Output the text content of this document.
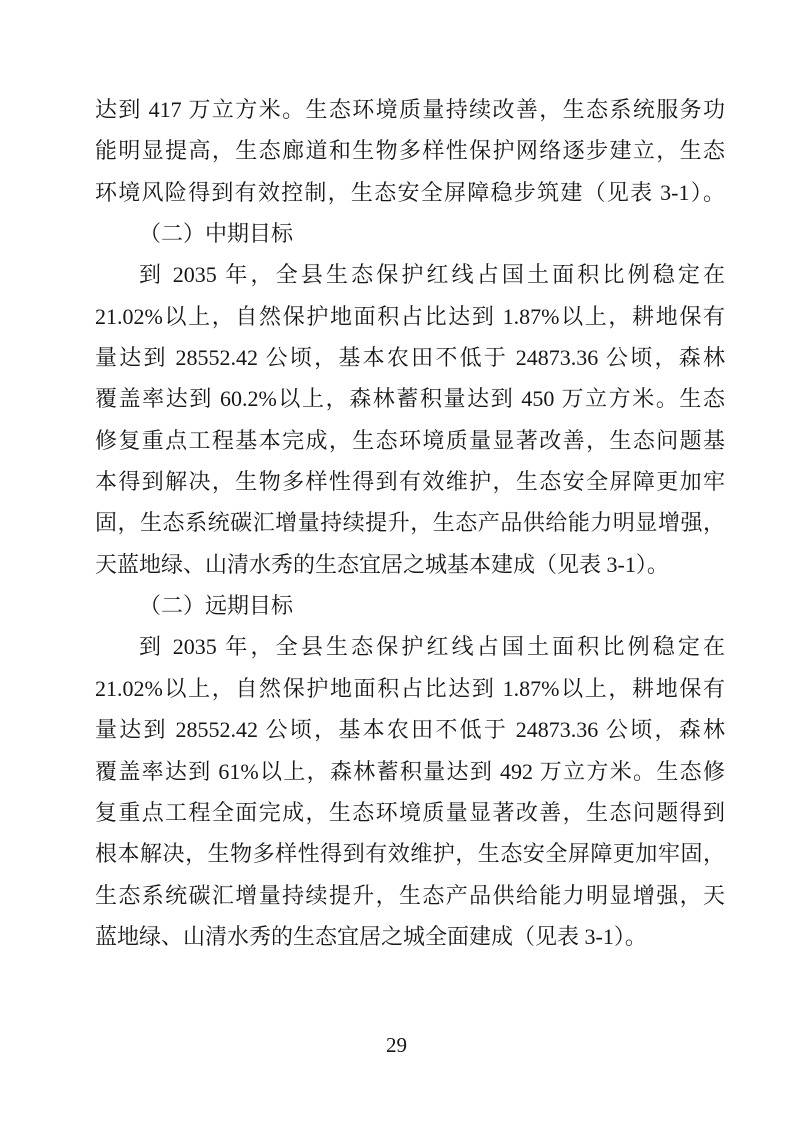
达到 417 万立方米。生态环境质量持续改善，生态系统服务功
能明显提高，生态廊道和生物多样性保护网络逐步建立，生态
环境风险得到有效控制，生态安全屏障稳步筑建（见表 3-1）。
（二）中期目标
到 2035 年，全县生态保护红线占国土面积比例稳定在
21.02%以上，自然保护地面积占比达到 1.87%以上，耕地保有
量达到 28552.42 公顷，基本农田不低于 24873.36 公顷，森林
覆盖率达到 60.2%以上，森林蓄积量达到 450 万立方米。生态
修复重点工程基本完成，生态环境质量显著改善，生态问题基
本得到解决，生物多样性得到有效维护，生态安全屏障更加牢
固，生态系统碳汇增量持续提升，生态产品供给能力明显增强，
天蓝地绿、山清水秀的生态宜居之城基本建成（见表 3-1）。
（二）远期目标
到 2035 年，全县生态保护红线占国土面积比例稳定在
21.02%以上，自然保护地面积占比达到 1.87%以上，耕地保有
量达到 28552.42 公顷，基本农田不低于 24873.36 公顷，森林
覆盖率达到 61%以上，森林蓄积量达到 492 万立方米。生态修
复重点工程全面完成，生态环境质量显著改善，生态问题得到
根本解决，生物多样性得到有效维护，生态安全屏障更加牢固，
生态系统碳汇增量持续提升，生态产品供给能力明显增强，天
蓝地绿、山清水秀的生态宜居之城全面建成（见表 3-1）。
29
